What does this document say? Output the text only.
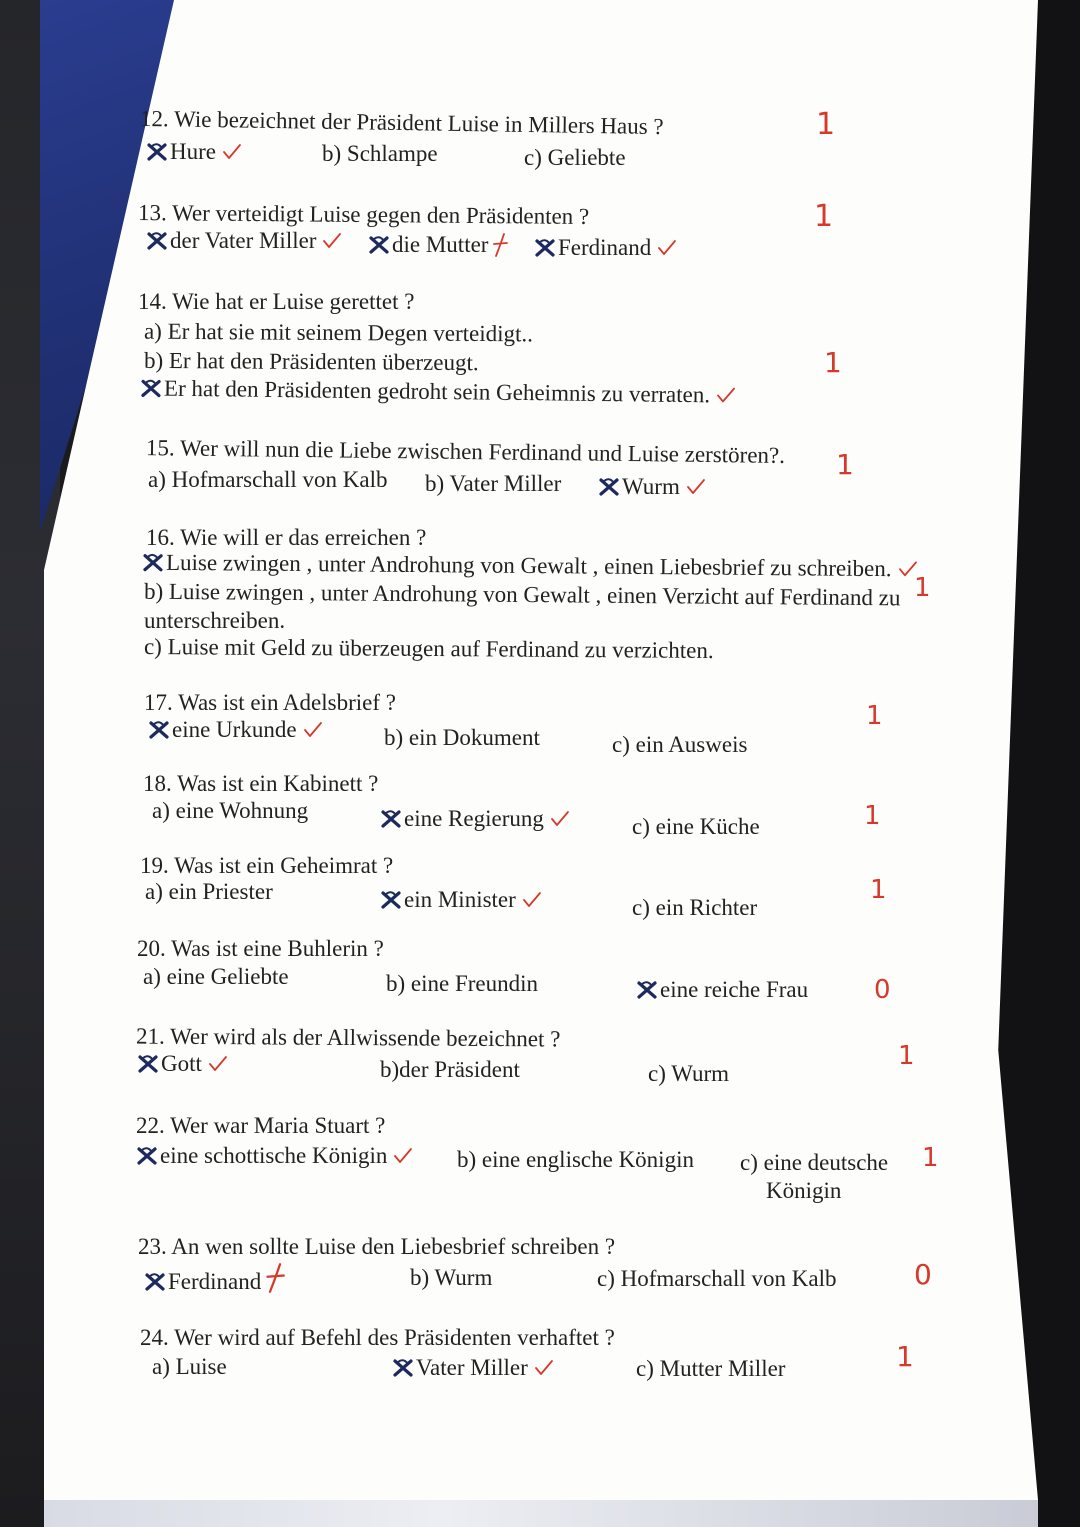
12. Wie bezeichnet der Präsident Luise in Millers Haus ?
Hure	b) Schlampe	c) Geliebte
13. Wer verteidigt Luise gegen den Präsidenten ?
der Vater Miller	die Mutter	Ferdinand
14. Wie hat er Luise gerettet ?
a) Er hat sie mit seinem Degen verteidigt..
b) Er hat den Präsidenten überzeugt.
Er hat den Präsidenten gedroht sein Geheimnis zu verraten.
15. Wer will nun die Liebe zwischen Ferdinand und Luise zerstören?.
a) Hofmarschall von Kalb b) Vater Miller	Wurm
16. Wie will er das erreichen ?
Luise zwingen , unter Androhung von Gewalt , einen Liebesbrief zu schreiben.
b) Luise zwingen , unter Androhung von Gewalt , einen Verzicht auf Ferdinand zu
unterschreiben.
c) Luise mit Geld zu überzeugen auf Ferdinand zu verzichten.
17. Was ist ein Adelsbrief ?
eine Urkunde	b) ein Dokument	c) ein Ausweis
18. Was ist ein Kabinett ?
a) eine Wohnung	eine Regierung	c) eine Küche
19. Was ist ein Geheimrat ?
a) ein Priester	ein Minister	c) ein Richter
20. Was ist eine Buhlerin ?
a) eine Geliebte	b) eine Freundin	eine reiche Frau
21. Wer wird als der Allwissende bezeichnet ?
Gott	b)der Präsident	c) Wurm
22. Wer war Maria Stuart ?
eine schottische Königin	b) eine englische Königin c) eine deutsche
Königin
23. An wen sollte Luise den Liebesbrief schreiben ?
Ferdinand	b) Wurm	c) Hofmarschall von Kalb
24. Wer wird auf Befehl des Präsidenten verhaftet ?
a) Luise	Vater Miller	c) Mutter Miller
1
1
1
1
1
1
1
1
0
1
1
0
1
